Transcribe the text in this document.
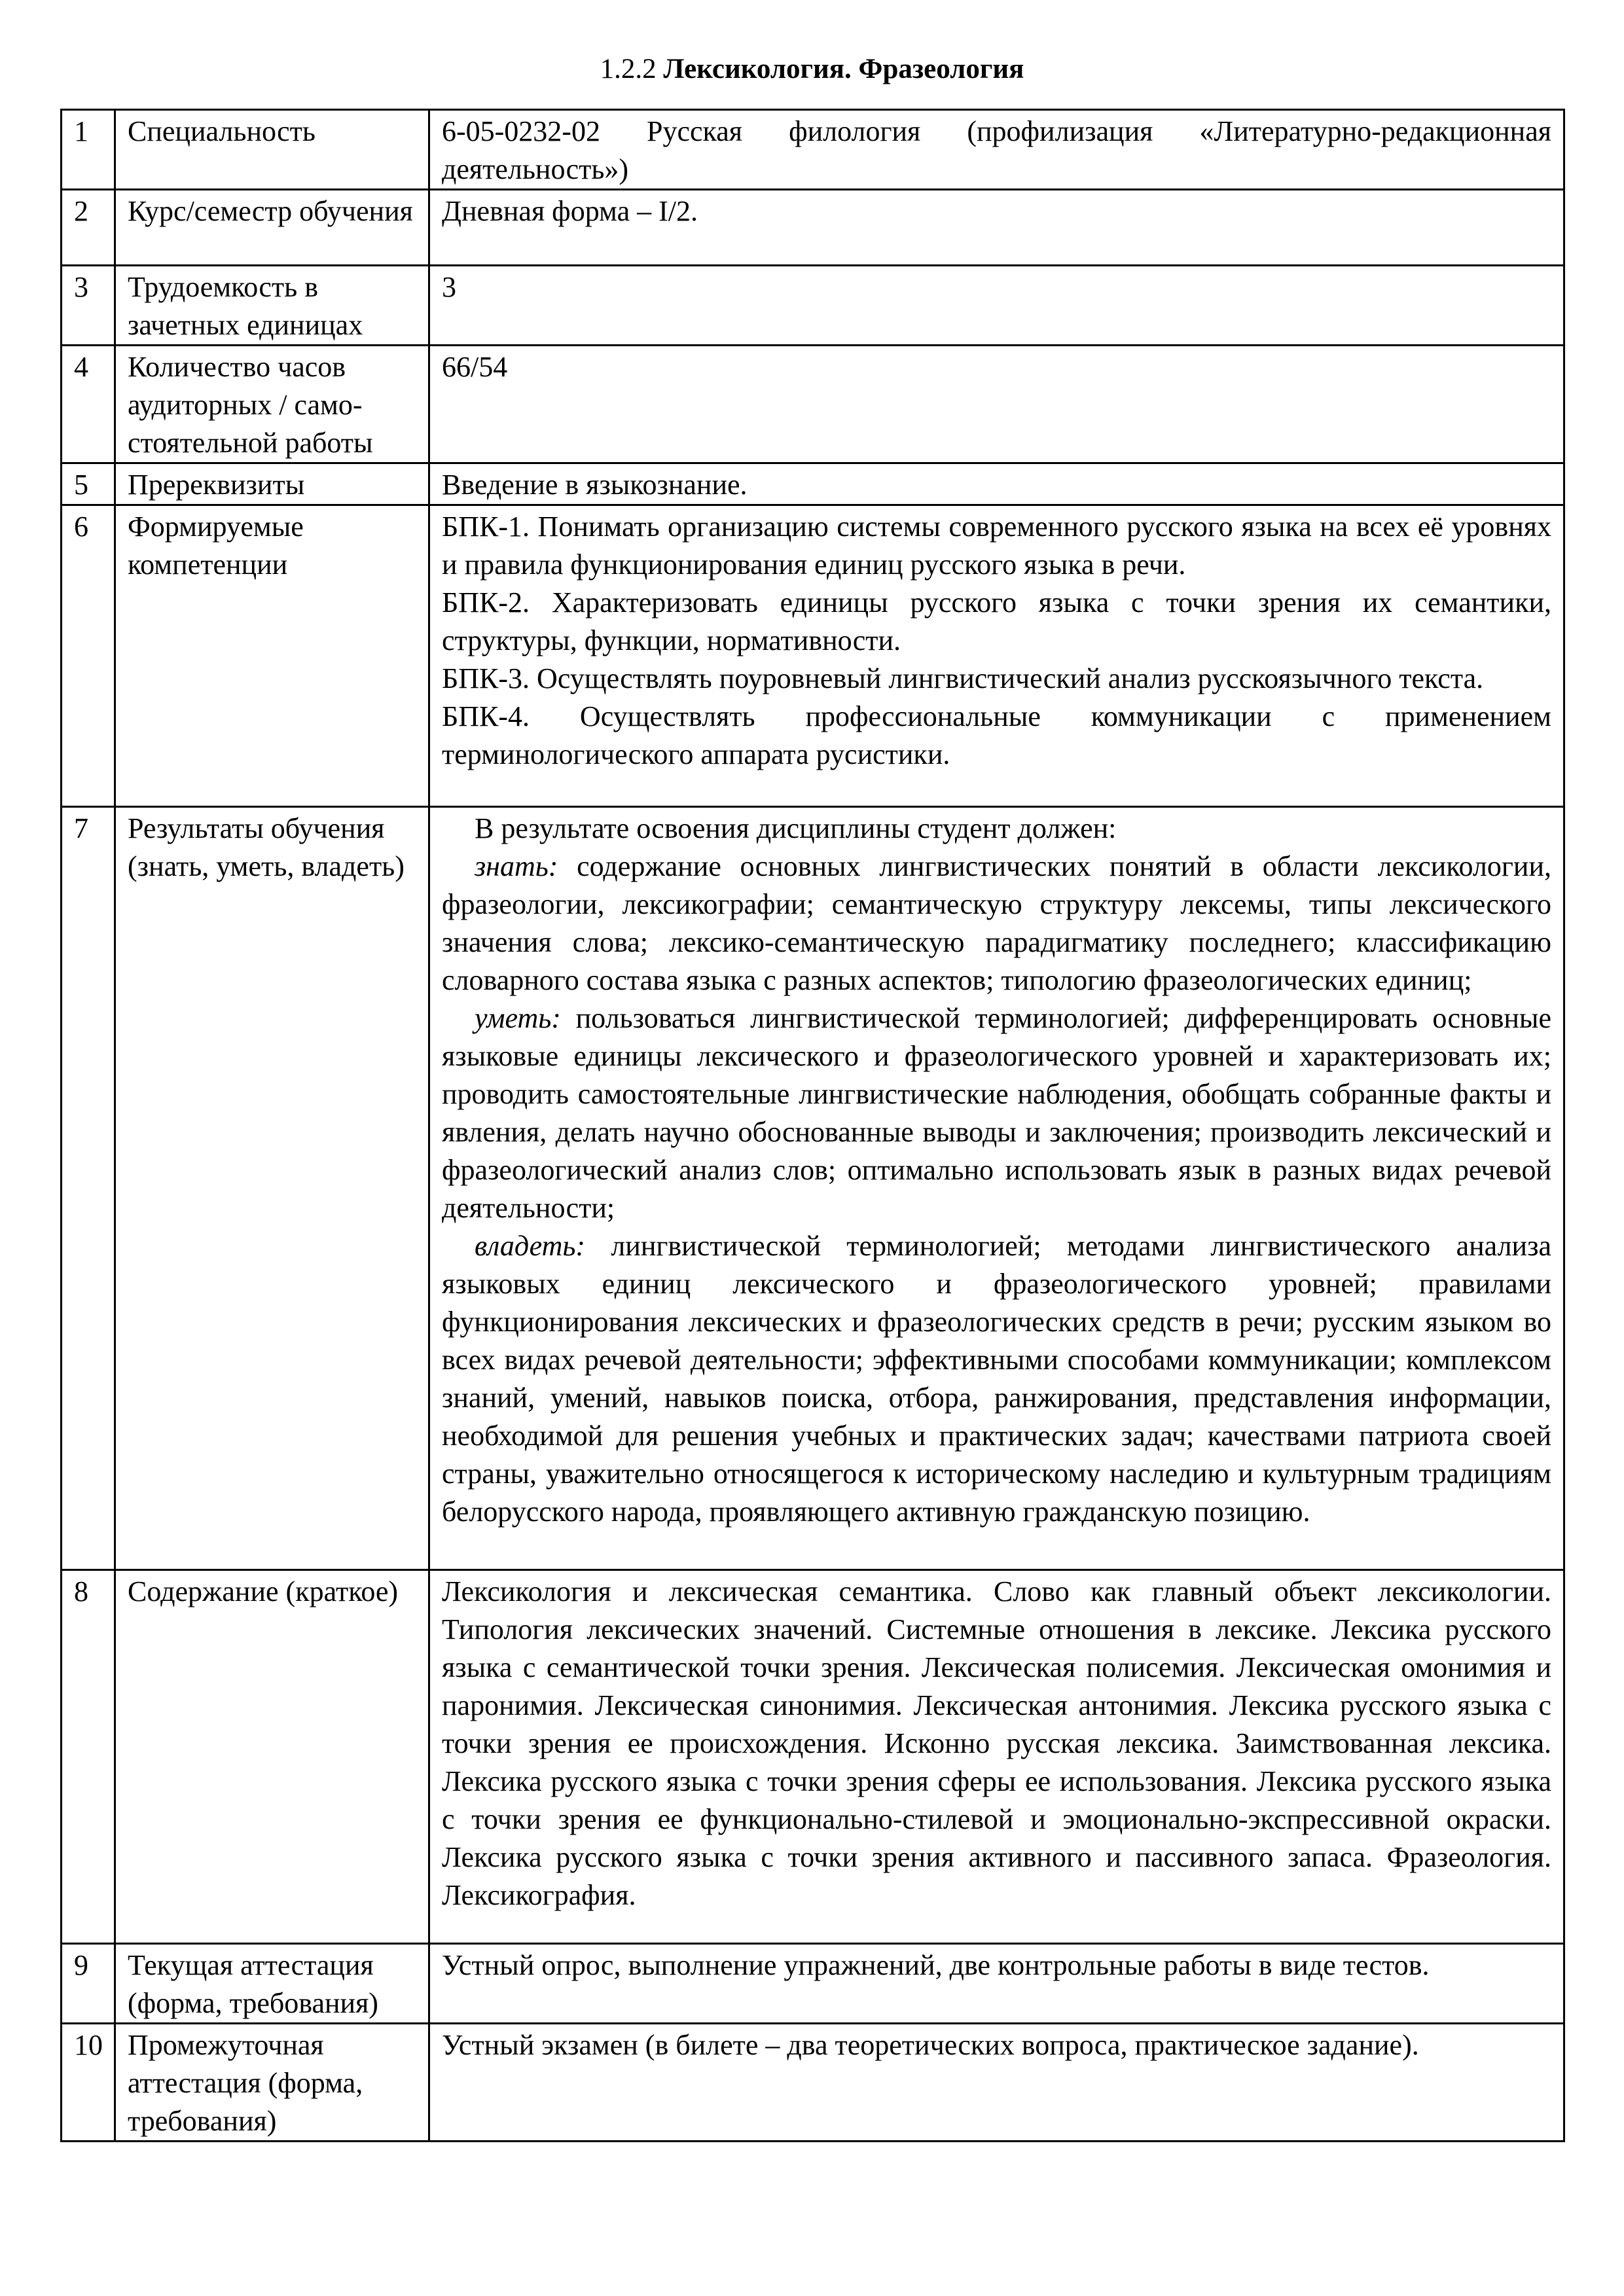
1.2.2 Лексикология. Фразеология
1	Специальность	6-05-0232-02 Русская филология (профилизация «Литературно-редакционная деятельность»)
2	Курс/семестр обучения	Дневная форма – I/2.
3	Трудоемкость в зачетных единицах	3
4	Количество часов аудиторных / само-стоятельной работы	66/54
5	Пререквизиты	Введение в языкознание.
6	Формируемые компетенции	БПК-1. Понимать организацию системы современного русского языка на всех её уровнях и правила функционирования единиц русского языка в речи.
БПК-2. Характеризовать единицы русского языка с точки зрения их семантики, структуры, функции, нормативности.
БПК-3. Осуществлять поуровневый лингвистический анализ русскоязычного текста.
БПК-4. Осуществлять профессиональные коммуникации с применением терминологического аппарата русистики.

7	Результаты обучения (знать, уметь, владеть)	В результате освоения дисциплины студент должен:
знать: содержание основных лингвистических понятий в области лексикологии, фразеологии, лексикографии; семантическую структуру лексемы, типы лексического значения слова; лексико-семантическую парадигматику последнего; классификацию словарного состава языка с разных аспектов; типологию фразеологических единиц;
уметь: пользоваться лингвистической терминологией; дифференцировать основные языковые единицы лексического и фразеологического уровней и характеризовать их; проводить самостоятельные лингвистические наблюдения, обобщать собранные факты и явления, делать научно обоснованные выводы и заключения; производить лексический и фразеологический анализ слов; оптимально использовать язык в разных видах речевой деятельности;
владеть: лингвистической терминологией; методами лингвистического анализа языковых единиц лексического и фразеологического уровней; правилами функционирования лексических и фразеологических средств в речи; русским языком во всех видах речевой деятельности; эффективными способами коммуникации; комплексом знаний, умений, навыков поиска, отбора, ранжирования, представления информации, необходимой для решения учебных и практических задач; качествами патриота своей страны, уважительно относящегося к историческому наследию и культурным традициям белорусского народа, проявляющего активную гражданскую позицию.

8	Содержание (краткое)	Лексикология и лексическая семантика. Слово как главный объект лексикологии. Типология лексических значений. Системные отношения в лексике. Лексика русского языка с семантической точки зрения. Лексическая полисемия. Лексическая омонимия и паронимия. Лексическая синонимия. Лексическая антонимия. Лексика русского языка с точки зрения ее происхождения. Исконно русская лексика. Заимствованная лексика. Лексика русского языка с точки зрения сферы ее использования. Лексика русского языка с точки зрения ее функционально-стилевой и эмоционально-экспрессивной окраски. Лексика русского языка с точки зрения активного и пассивного запаса. Фразеология. Лексикография.
9	Текущая аттестация (форма, требования)	Устный опрос, выполнение упражнений, две контрольные работы в виде тестов.
10	Промежуточная аттестация (форма, требования)	Устный экзамен (в билете – два теоретических вопроса, практическое задание).
